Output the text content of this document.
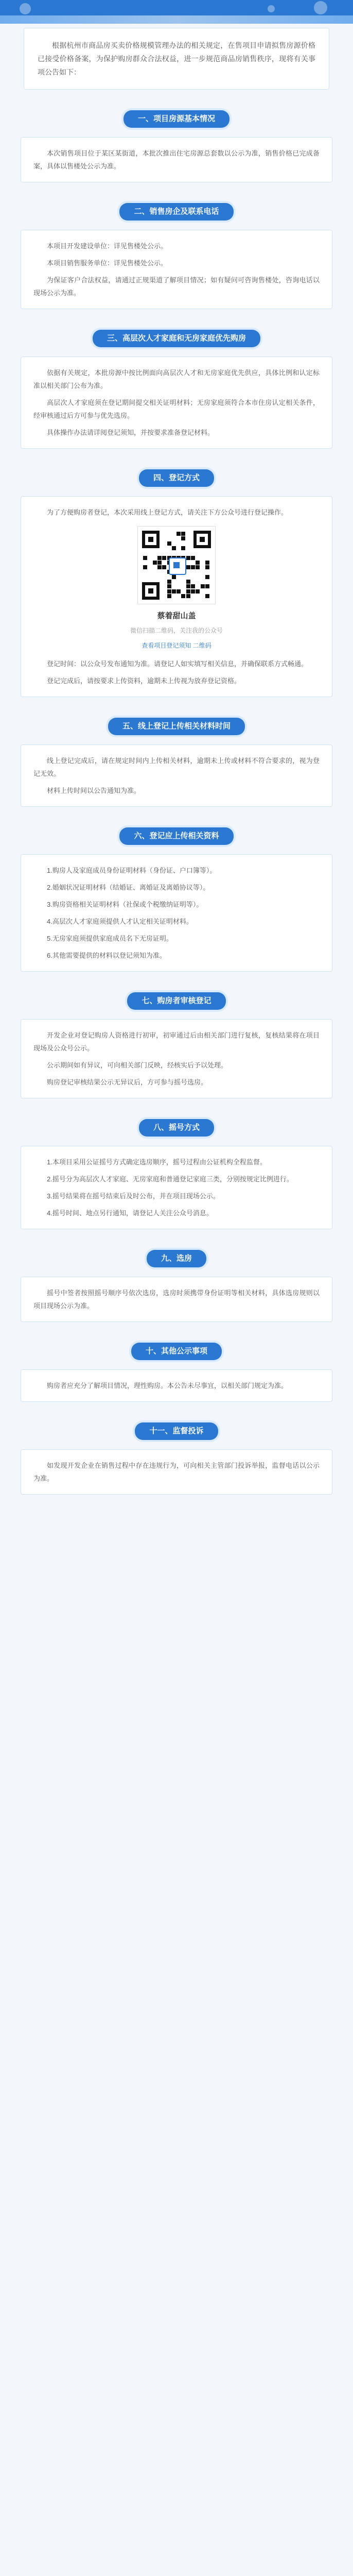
根据杭州市商品房买卖价格规模管理办法的相关规定，在售项目申请拟售房源价格已接受价格备案，为保护购房群众合法权益，进一步规范商品房销售秩序，现将有关事项公告如下：
一、项目房源基本情况

本次销售项目位于某区某街道，本批次推出住宅房源总套数以公示为准，销售价格已完成备案，具体以售楼处公示为准。

二、销售房企及联系电话

本项目开发建设单位：详见售楼处公示。

本项目销售服务单位：详见售楼处公示。

为保证客户合法权益，请通过正规渠道了解项目情况；如有疑问可咨询售楼处，咨询电话以现场公示为准。

三、高层次人才家庭和无房家庭优先购房

依据有关规定，本批房源中按比例面向高层次人才和无房家庭优先供应，具体比例和认定标准以相关部门公布为准。

高层次人才家庭须在登记期间提交相关证明材料；无房家庭须符合本市住房认定相关条件，经审核通过后方可参与优先选房。

具体操作办法请详阅登记须知，并按要求准备登记材料。

四、登记方式

为了方便购房者登记，本次采用线上登记方式，请关注下方公众号进行登记操作。

蔡着甜山盖
微信扫描二维码，关注我的公众号
查看项目登记须知 二维码

登记时间：以公众号发布通知为准。请登记人如实填写相关信息，并确保联系方式畅通。

登记完成后，请按要求上传资料，逾期未上传视为放弃登记资格。

五、线上登记上传相关材料时间

线上登记完成后，请在规定时间内上传相关材料，逾期未上传或材料不符合要求的，视为登记无效。

材料上传时间以公告通知为准。

六、登记应上传相关资料

1.购房人及家庭成员身份证明材料（身份证、户口簿等）。

2.婚姻状况证明材料（结婚证、离婚证及离婚协议等）。

3.购房资格相关证明材料（社保或个税缴纳证明等）。

4.高层次人才家庭须提供人才认定相关证明材料。

5.无房家庭须提供家庭成员名下无房证明。

6.其他需要提供的材料以登记须知为准。

七、购房者审核登记

开发企业对登记购房人资格进行初审，初审通过后由相关部门进行复核，复核结果将在项目现场及公众号公示。

公示期间如有异议，可向相关部门反映，经核实后予以处理。

购房登记审核结果公示无异议后，方可参与摇号选房。

八、摇号方式

1.本项目采用公证摇号方式确定选房顺序，摇号过程由公证机构全程监督。

2.摇号分为高层次人才家庭、无房家庭和普通登记家庭三类，分别按规定比例进行。

3.摇号结果将在摇号结束后及时公布，并在项目现场公示。

4.摇号时间、地点另行通知，请登记人关注公众号消息。

九、选房

摇号中签者按照摇号顺序号依次选房，选房时须携带身份证明等相关材料，具体选房规则以项目现场公示为准。

十、其他公示事项

购房者应充分了解项目情况，理性购房。本公告未尽事宜，以相关部门规定为准。

十一、监督投诉

如发现开发企业在销售过程中存在违规行为，可向相关主管部门投诉举报，监督电话以公示为准。
